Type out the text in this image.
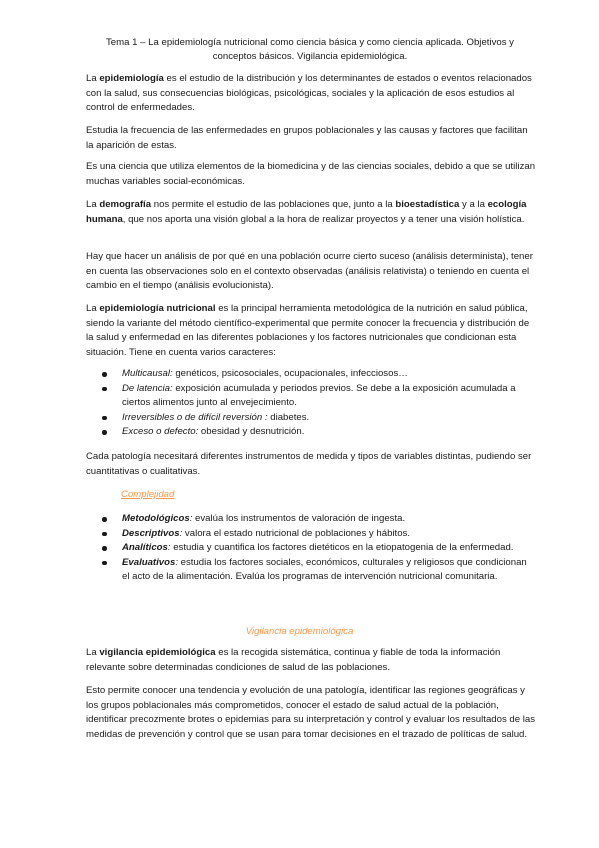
Tema 1 – La epidemiología nutricional como ciencia básica y como ciencia aplicada. Objetivos y
conceptos básicos. Vigilancia epidemiológica.

La epidemiología es el estudio de la distribución y los determinantes de estados o eventos relacionados con la salud, sus consecuencias biológicas, psicológicas, sociales y la aplicación de esos estudios al control de enfermedades.

Estudia la frecuencia de las enfermedades en grupos poblacionales y las causas y factores que facilitan la aparición de estas.

Es una ciencia que utiliza elementos de la biomedicina y de las ciencias sociales, debido a que se utilizan muchas variables social-económicas.

La demografía nos permite el estudio de las poblaciones que, junto a la bioestadística y a la ecología humana, que nos aporta una visión global a la hora de realizar proyectos y a tener una visión holística.

Hay que hacer un análisis de por qué en una población ocurre cierto suceso (análisis determinista), tener en cuenta las observaciones solo en el contexto observadas (análisis relativista) o teniendo en cuenta el cambio en el tiempo (análisis evolucionista).

La epidemiología nutricional es la principal herramienta metodológica de la nutrición en salud pública, siendo la variante del método científico-experimental que permite conocer la frecuencia y distribución de la salud y enfermedad en las diferentes poblaciones y los factores nutricionales que condicionan esta situación. Tiene en cuenta varios caracteres:

Multicausal: genéticos, psicosociales, ocupacionales, infecciosos…
De latencia: exposición acumulada y periodos previos. Se debe a la exposición acumulada a ciertos alimentos junto al envejecimiento.
Irreversibles o de difícil reversión : diabetes.
Exceso o defecto: obesidad y desnutrición.

Cada patología necesitará diferentes instrumentos de medida y tipos de variables distintas, pudiendo ser cuantitativas o cualitativas.

Complejidad
Metodológicos: evalúa los instrumentos de valoración de ingesta.
Descriptivos: valora el estado nutricional de poblaciones y hábitos.
Analíticos: estudia y cuantifica los factores dietéticos en la etiopatogenia de la enfermedad.
Evaluativos: estudia los factores sociales, económicos, culturales y religiosos que condicionan el acto de la alimentación. Evalúa los programas de intervención nutricional comunitaria.
Vigilancia epidemiológica

La vigilancia epidemiológica es la recogida sistemática, continua y fiable de toda la información relevante sobre determinadas condiciones de salud de las poblaciones.

Esto permite conocer una tendencia y evolución de una patología, identificar las regiones geográficas y los grupos poblacionales más comprometidos, conocer el estado de salud actual de la población, identificar precozmente brotes o epidemias para su interpretación y control y evaluar los resultados de las medidas de prevención y control que se usan para tomar decisiones en el trazado de políticas de salud.
